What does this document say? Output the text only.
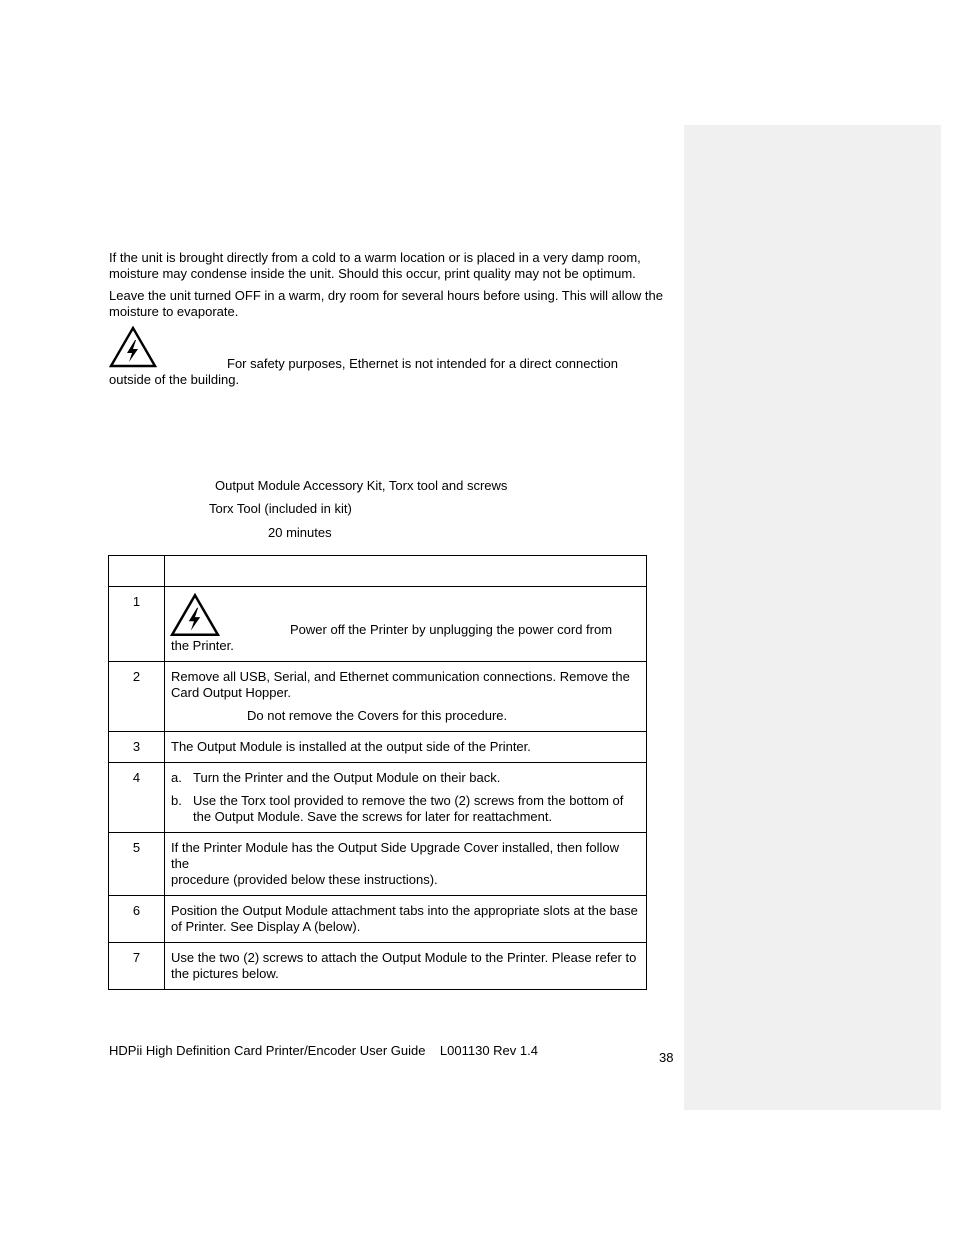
If the unit is brought directly from a cold to a warm location or is placed in a very damp room, moisture may condense inside the unit. Should this occur, print quality may not be optimum.

Leave the unit turned OFF in a warm, dry room for several hours before using. This will allow the moisture to evaporate.

For safety purposes, Ethernet is not intended for a direct connection

outside of the building.

Output Module Accessory Kit, Torx tool and screws

Torx Tool (included in kit)

20 minutes

1	Power off the Printer by unplugging the power cord from

the Printer.

2	Remove all USB, Serial, and Ethernet communication connections. Remove the Card Output Hopper.

Do not remove the Covers for this procedure.

3	The Output Module is installed at the output side of the Printer.

4	a. Turn the Printer and the Output Module on their back.

b. Use the Torx tool provided to remove the two (2) screws from the bottom of the Output Module. Save the screws for later for reattachment.

5	If the Printer Module has the Output Side Upgrade Cover installed, then follow the

procedure (provided below these instructions).

6	Position the Output Module attachment tabs into the appropriate slots at the base of Printer. See Display A (below).

7	Use the two (2) screws to attach the Output Module to the Printer. Please refer to the pictures below.

HDPii High Definition Card Printer/Encoder User Guide    L001130 Rev 1.4	38
